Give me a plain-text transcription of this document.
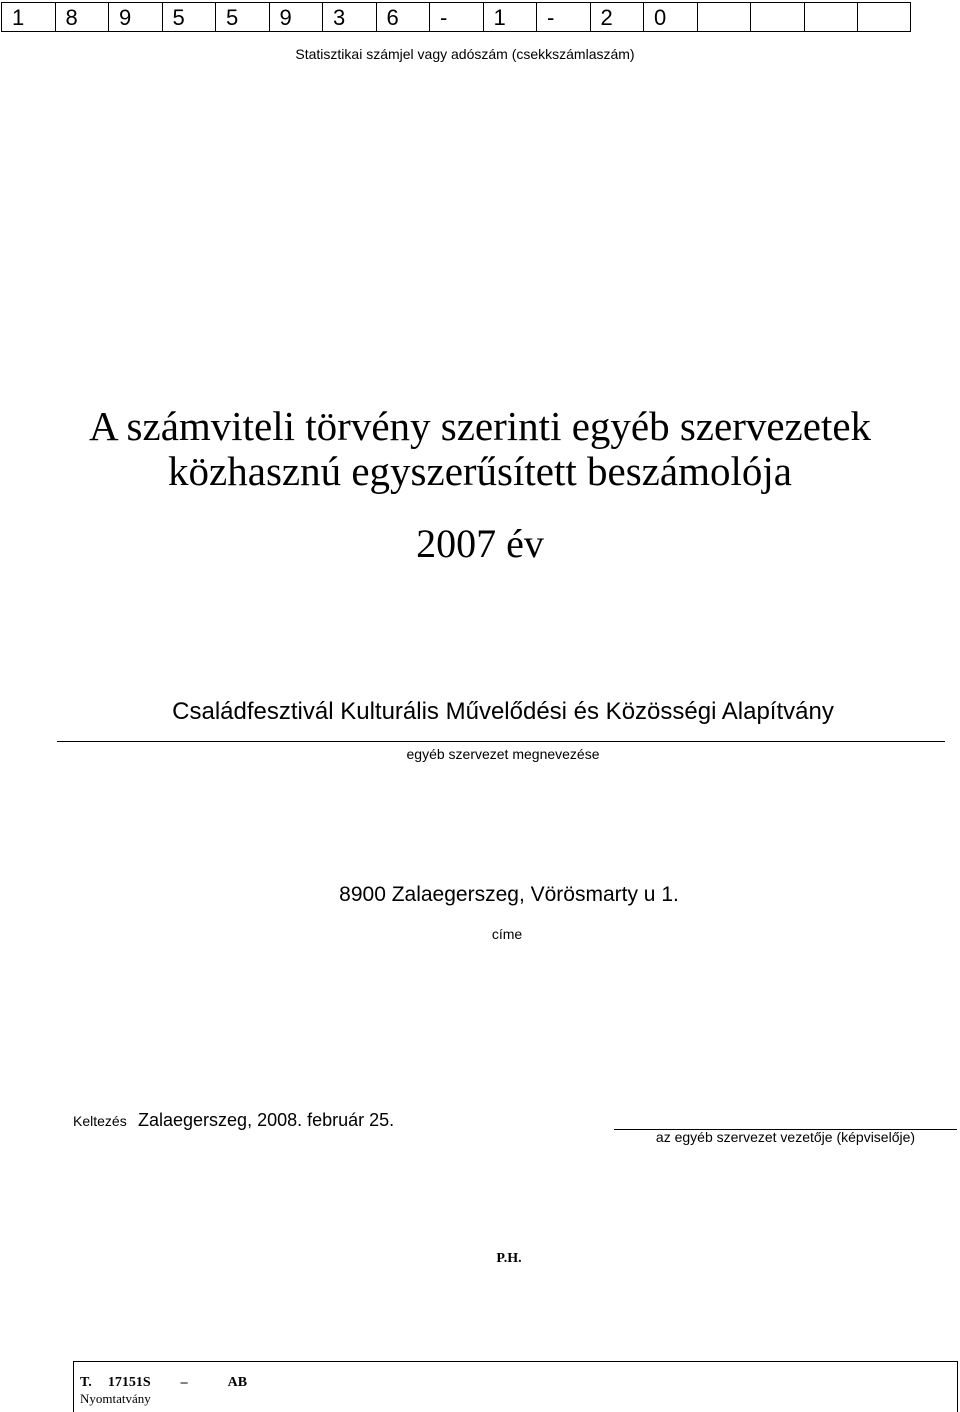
1	8	9	5	5	9	3	6	-	1	-	2	0
Statisztikai számjel vagy adószám (csekkszámlaszám)
A számviteli törvény szerinti egyéb szervezetek
közhasznú egyszerűsített beszámolója
2007 év
Családfesztivál Kulturális Művelődési és Közösségi Alapítvány
egyéb szervezet megnevezése
8900 Zalaegerszeg, Vörösmarty u 1.
címe
Keltezés Zalaegerszeg, 2008. február 25.
az egyéb szervezet vezetője (képviselője)
P.H.
T. 17151S –	AB
Nyomtatvány
